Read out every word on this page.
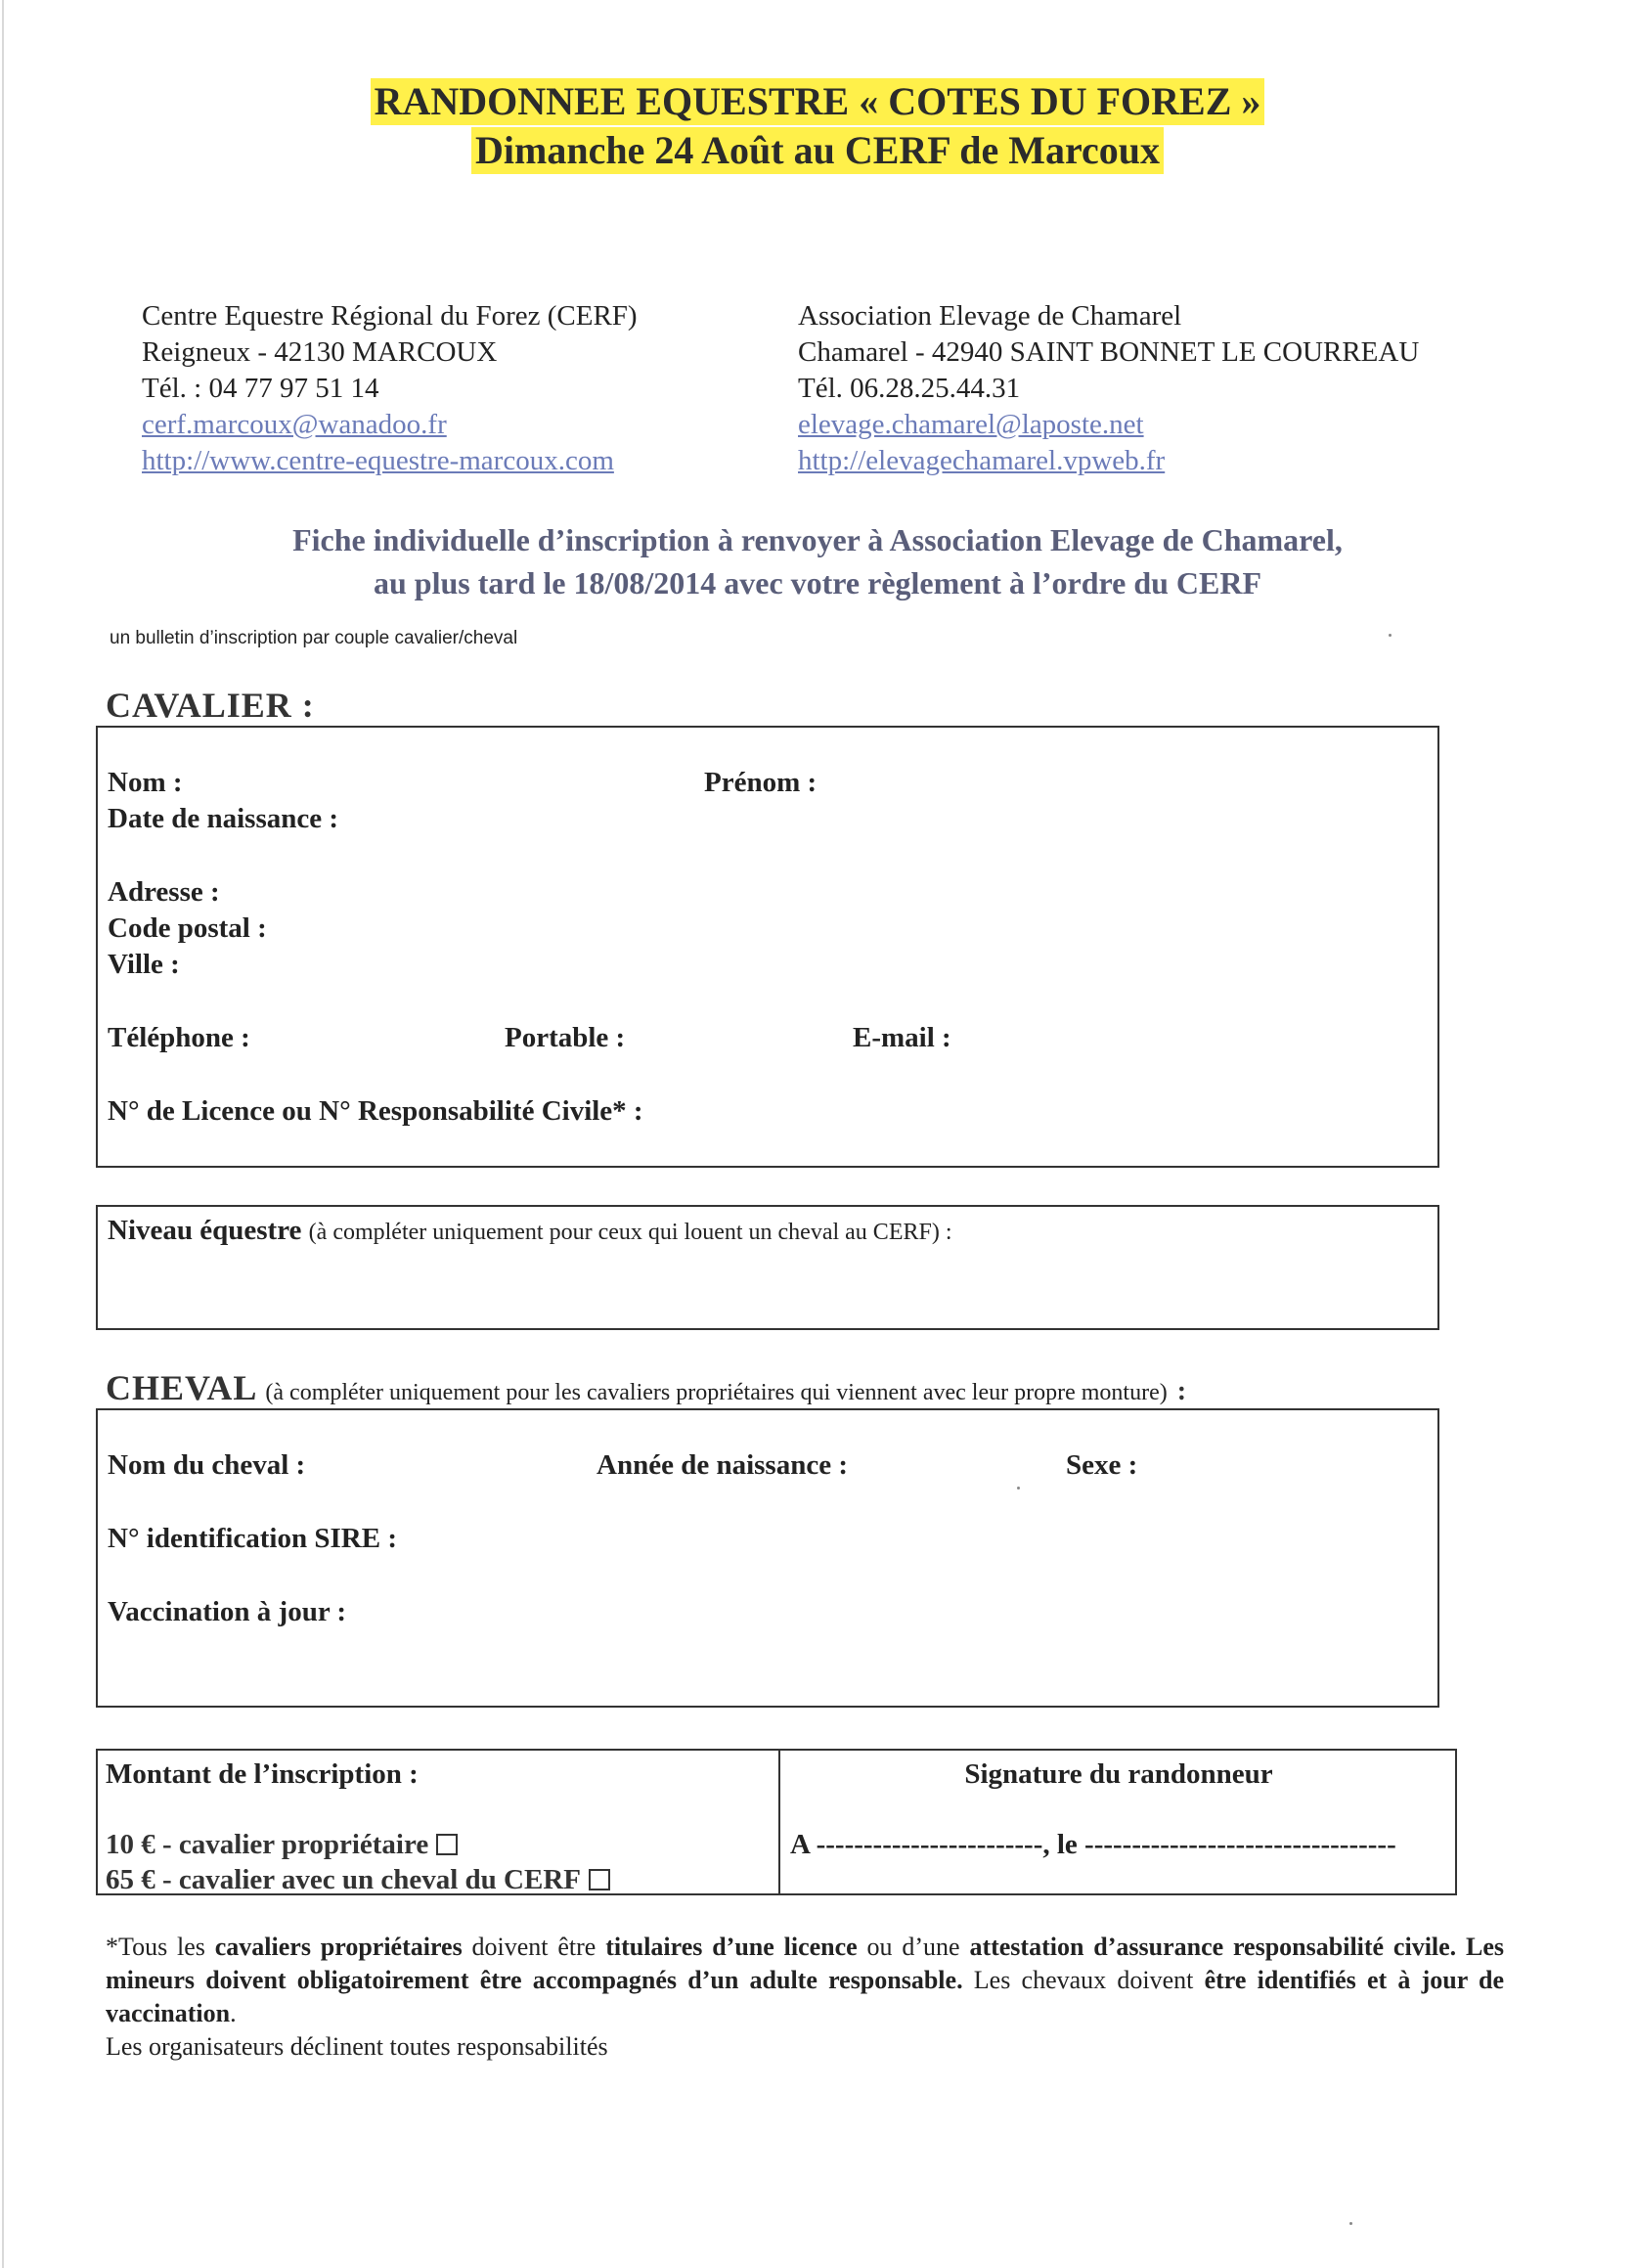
RANDONNEE EQUESTRE « COTES DU FOREZ »
Dimanche 24 Août au CERF de Marcoux
Centre Equestre Régional du Forez (CERF)
Reigneux - 42130 MARCOUX
Tél. : 04 77 97 51 14
cerf.marcoux@wanadoo.fr
http://www.centre-equestre-marcoux.com
Association Elevage de Chamarel
Chamarel - 42940 SAINT BONNET LE COURREAU
Tél. 06.28.25.44.31
elevage.chamarel@laposte.net
http://elevagechamarel.vpweb.fr
Fiche individuelle d’inscription à renvoyer à Association Elevage de Chamarel,
au plus tard le 18/08/2014 avec votre règlement à l’ordre du CERF
un bulletin d’inscription par couple cavalier/cheval
CAVALIER :
Nom :	Prénom :
Date de naissance :
Adresse :
Code postal :
Ville :
Téléphone :	Portable :	E-mail :
N° de Licence ou N° Responsabilité Civile* :
Niveau équestre (à compléter uniquement pour ceux qui louent un cheval au CERF) :
CHEVAL (à compléter uniquement pour les cavaliers propriétaires qui viennent avec leur propre monture) :
Nom du cheval :	Année de naissance :	Sexe :
N° identification SIRE :
Vaccination à jour :
Montant de l’inscription :
10 € - cavalier propriétaire
65 € - cavalier avec un cheval du CERF
Signature du randonneur
A ------------------------, le ---------------------------------
*Tous les cavaliers propriétaires doivent être titulaires d’une licence ou d’une attestation d’assurance responsabilité civile. Les mineurs doivent obligatoirement être accompagnés d’un adulte responsable. Les chevaux doivent être identifiés et à jour de vaccination.
Les organisateurs déclinent toutes responsabilités
